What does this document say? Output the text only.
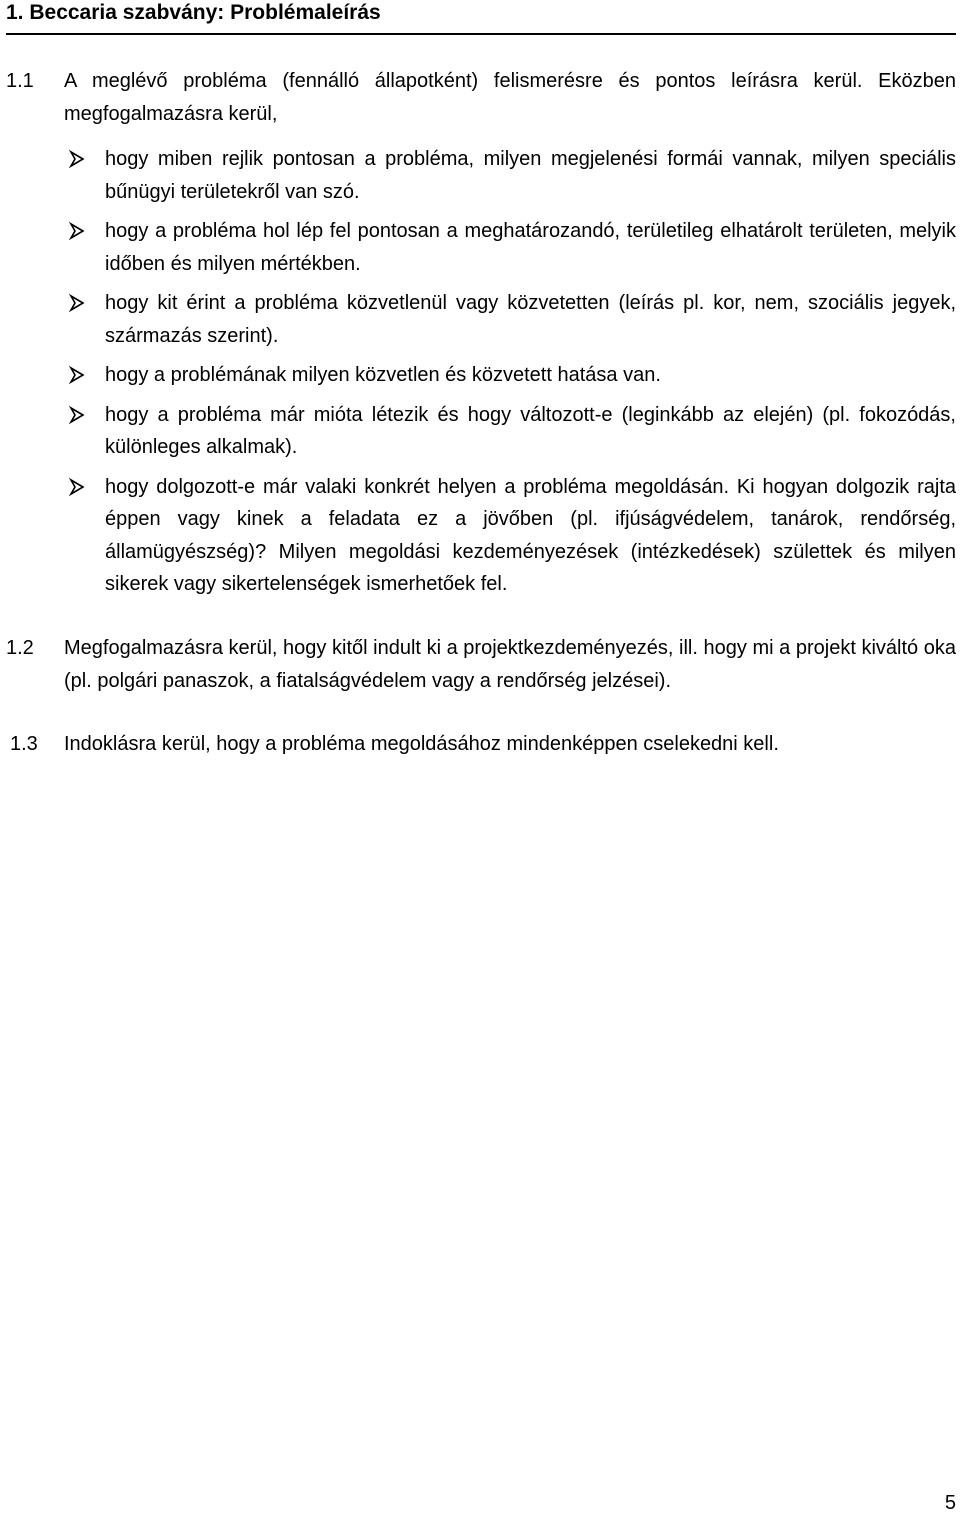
1. Beccaria szabvány: Problémaleírás
1.1	A meglévő probléma (fennálló állapotként) felismerésre és pontos leírásra kerül. Eközben megfogalmazásra kerül,
hogy miben rejlik pontosan a probléma, milyen megjelenési formái vannak, milyen speciális bűnügyi területekről van szó.
hogy a probléma hol lép fel pontosan a meghatározandó, területileg elhatárolt területen, melyik időben és milyen mértékben.
hogy kit érint a probléma közvetlenül vagy közvetetten (leírás pl. kor, nem, szociális jegyek, származás szerint).
hogy a problémának milyen közvetlen és közvetett hatása van.
hogy a probléma már mióta létezik és hogy változott-e (leginkább az elején) (pl. fokozódás, különleges alkalmak).
hogy dolgozott-e már valaki konkrét helyen a probléma megoldásán. Ki hogyan dolgozik rajta éppen vagy kinek a feladata ez a jövőben (pl. ifjúságvédelem, tanárok, rendőrség, államügyészség)? Milyen megoldási kezdeményezések (intézkedések) születtek és milyen sikerek vagy sikertelenségek ismerhetőek fel.
1.2	Megfogalmazásra kerül, hogy kitől indult ki a projektkezdeményezés, ill. hogy mi a projekt kiváltó oka (pl. polgári panaszok, a fiatalságvédelem vagy a rendőrség jelzései).
1.3	Indoklásra kerül, hogy a probléma megoldásához mindenképpen cselekedni kell.
5
